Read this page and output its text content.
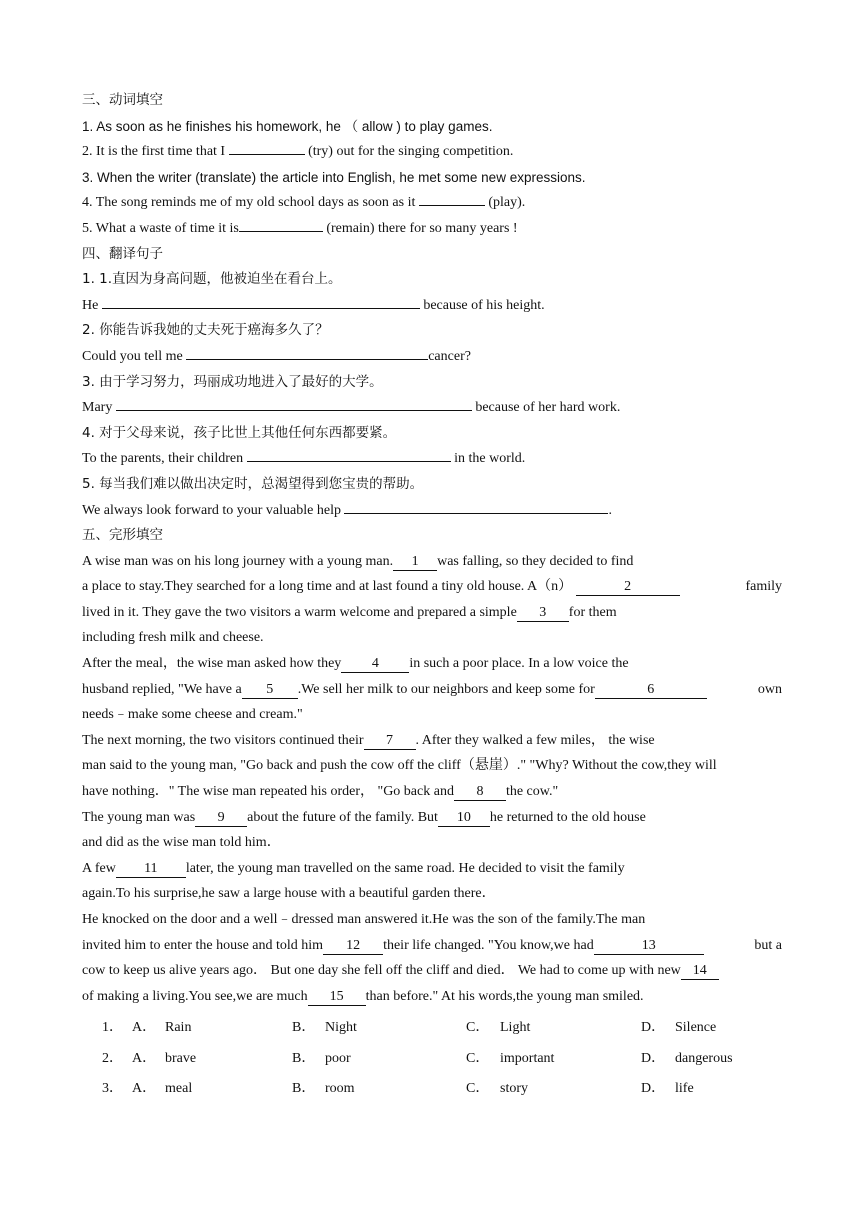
三、动词填空
1. As soon as he finishes his homework, he （ allow ) to play games.
2. It is the first time that I	(try) out for the singing competition.
3. When the writer (translate) the article into English, he met some new expressions.
4. The song reminds me of my old school days as soon as it	(play).
5. What a waste of time it is	(remain) there for so many years !
四、翻译句子
1. 1.直因为身高问题，他被迫坐在看台上。
He	because of his height.
2. 你能告诉我她的丈夫死于癌海多久了？
Could you tell me	cancer?
3. 由于学习努力，玛丽成功地进入了最好的大学。
Mary	because of her hard work.
4. 对于父母来说，孩子比世上其他任何东西都要紧。
To the parents, their children	in the world.
5. 每当我们难以做出决定时，总渴望得到您宝贵的帮助。
We always look forward to your valuable help	.
五、完形填空
A wise man was on his long journey with a young man. 1 was falling, so they decided to find
a place to stay.They searched for a long time and at last found a tiny old house. A（n）	2	family
lived in it. They gave the two visitors a warm welcome and prepared a simple 3 for them
including fresh milk and cheese.
After the meal，the wise man asked how they 4 in such a poor place. In a low voice the
husband replied, "We have a 5 .We sell her milk to our neighbors and keep some for	6	own
needs﹣make some cheese and cream."
The next morning, the two visitors continued their 7 . After they walked a few miles， the wise
man said to the young man, "Go back and push the cow off the cliff（悬崖）." "Why? Without the cow,they will
have nothing．" The wise man repeated his order， "Go back and 8 the cow."
The young man was 9 about the future of the family. But 10 he returned to the old house
and did as the wise man told him．
A few 11 later, the young man travelled on the same road. He decided to visit the family
again.To his surprise,he saw a large house with a beautiful garden there．
He knocked on the door and a well﹣dressed man answered it.He was the son of the family.The man
invited him to enter the house and told him 12 their life changed. "You know,we had	13	but a
cow to keep us alive years ago． But one day she fell off the cliff and died． We had to come up with new 14
of making a living.You see,we are much 15 than before." At his words,the young man smiled.
1． A． Rain	B． Night	C． Light	D． Silence
2． A． brave	B． poor	C． important	D． dangerous
3． A． meal	B． room	C． story	D． life
